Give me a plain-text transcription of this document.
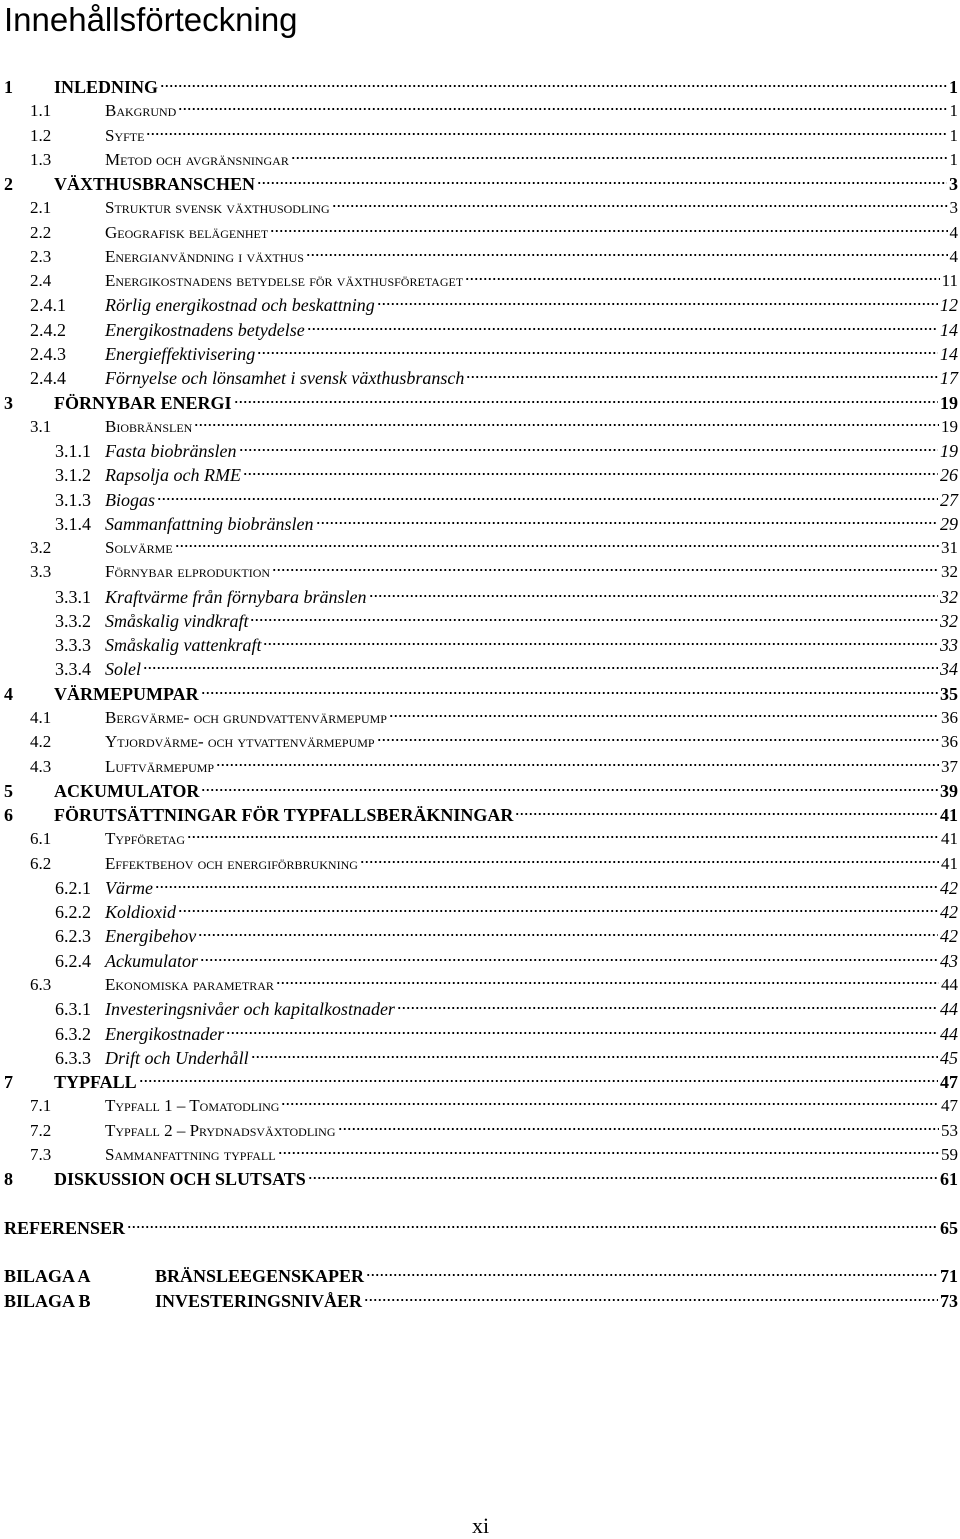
Innehållsförteckning
1	INLEDNING	1
1.1	Bakgrund	1
1.2	Syfte	1
1.3	Metod och avgränsningar	1
2	VÄXTHUSBRANSCHEN	3
2.1	Struktur svensk växthusodling	3
2.2	Geografisk belägenhet	4
2.3	Energianvändning i växthus	4
2.4	Energikostnadens betydelse för växthusföretaget	11
2.4.1	Rörlig energikostnad och beskattning	12
2.4.2	Energikostnadens betydelse	14
2.4.3	Energieffektivisering	14
2.4.4	Förnyelse och lönsamhet i svensk växthusbransch	17
3	FÖRNYBAR ENERGI	19
3.1	Biobränslen	19
3.1.1 Fasta biobränslen	19
3.1.2 Rapsolja och RME	26
3.1.3 Biogas	27
3.1.4 Sammanfattning biobränslen	29
3.2	Solvärme	31
3.3	Förnybar elproduktion	32
3.3.1 Kraftvärme från förnybara bränslen	32
3.3.2 Småskalig vindkraft	32
3.3.3 Småskalig vattenkraft	33
3.3.4 Solel	34
4	VÄRMEPUMPAR	35
4.1	Bergvärme- och grundvattenvärmepump	36
4.2	Ytjordvärme- och ytvattenvärmepump	36
4.3	Luftvärmepump	37
5	ACKUMULATOR	39
6	FÖRUTSÄTTNINGAR FÖR TYPFALLSBERÄKNINGAR	41
6.1	Typföretag	41
6.2	Effektbehov och energiförbrukning	41
6.2.1 Värme	42
6.2.2 Koldioxid	42
6.2.3 Energibehov	42
6.2.4 Ackumulator	43
6.3	Ekonomiska parametrar	44
6.3.1 Investeringsnivåer och kapitalkostnader	44
6.3.2 Energikostnader	44
6.3.3 Drift och Underhåll	45
7	TYPFALL	47
7.1	Typfall 1 – Tomatodling	47
7.2	Typfall 2 – Prydnadsväxtodling	53
7.3	Sammanfattning typfall	59
8	DISKUSSION OCH SLUTSATS	61
REFERENSER	65
BILAGA A	BRÄNSLEEGENSKAPER	71
BILAGA B	INVESTERINGSNIVÅER	73
xi
